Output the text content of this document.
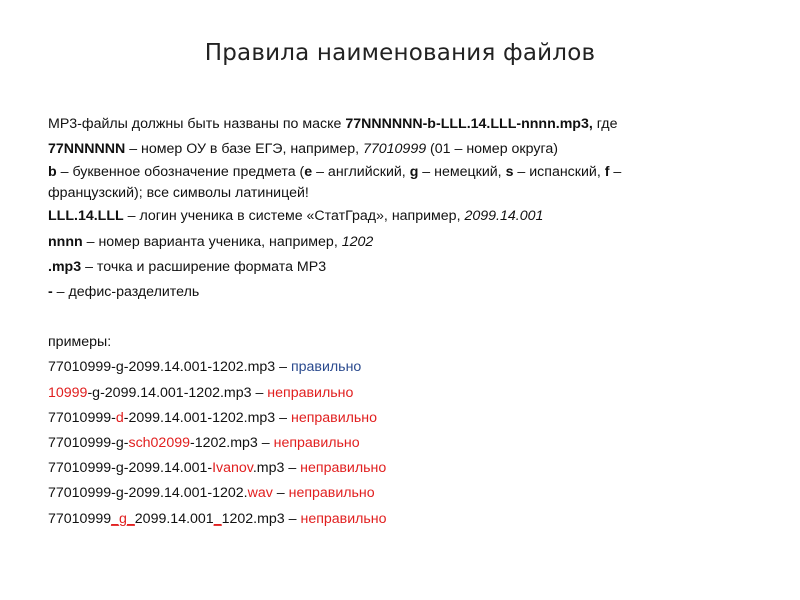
Правила наименования файлов
MP3-файлы должны быть названы по маске 77NNNNNN-b-LLL.14.LLL-nnnn.mp3, где
77NNNNNN – номер ОУ в базе ЕГЭ, например, 77010999 (01 – номер округа)
b – буквенное обозначение предмета (e – английский, g – немецкий, s – испанский, f –
французский); все символы латиницей!
LLL.14.LLL – логин ученика в системе «СтатГрад», например, 2099.14.001
nnnn – номер варианта ученика, например, 1202
.mp3 – точка и расширение формата МР3
- – дефис-разделитель
примеры:
77010999-g-2099.14.001-1202.mp3 – правильно
10999-g-2099.14.001-1202.mp3 – неправильно
77010999-d-2099.14.001-1202.mp3 – неправильно
77010999-g-sch02099-1202.mp3 – неправильно
77010999-g-2099.14.001-Ivanov.mp3 – неправильно
77010999-g-2099.14.001-1202.wav – неправильно
77010999_g_2099.14.001_1202.mp3 – неправильно
